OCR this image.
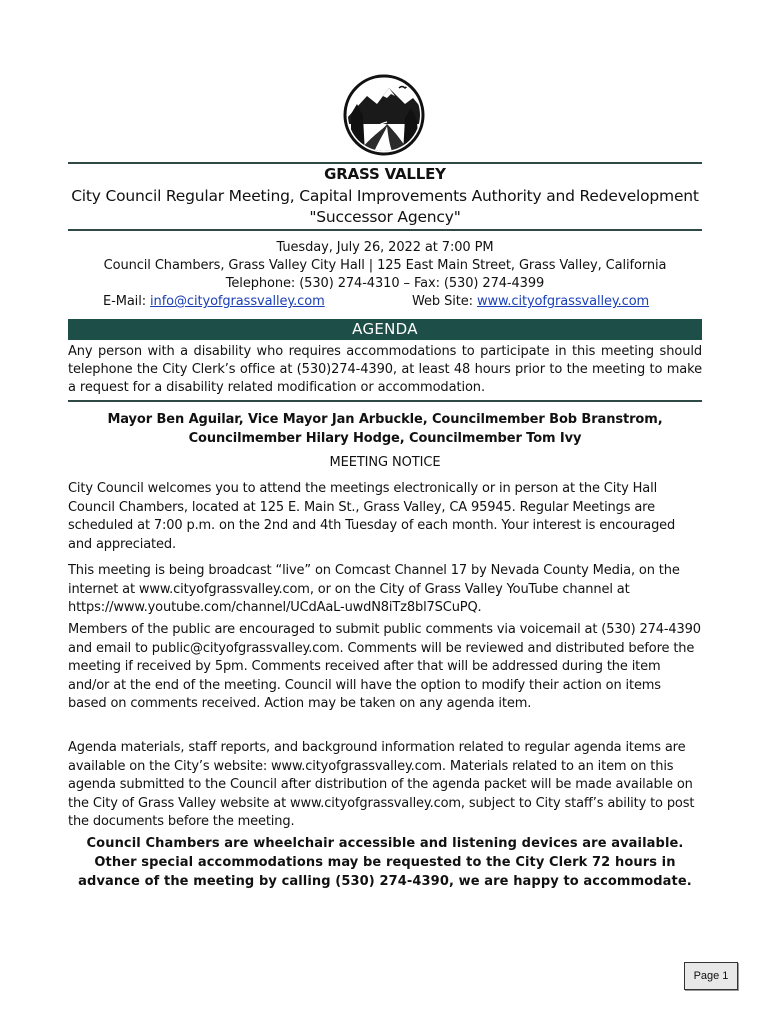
GRASS VALLEY
City Council Regular Meeting, Capital Improvements Authority and Redevelopment "Successor Agency"
Tuesday, July 26, 2022 at 7:00 PM
Council Chambers, Grass Valley City Hall | 125 East Main Street, Grass Valley, California
Telephone: (530) 274-4310 – Fax: (530) 274-4399
E-Mail: info@cityofgrassvalley.com	Web Site: www.cityofgrassvalley.com
AGENDA
Any person with a disability who requires accommodations to participate in this meeting should telephone the City Clerk’s office at (530)274-4390, at least 48 hours prior to the meeting to make a request for a disability related modification or accommodation.
Mayor Ben Aguilar, Vice Mayor Jan Arbuckle, Councilmember Bob Branstrom,
Councilmember Hilary Hodge, Councilmember Tom Ivy
MEETING NOTICE
City Council welcomes you to attend the meetings electronically or in person at the City Hall Council Chambers, located at 125 E. Main St., Grass Valley, CA 95945. Regular Meetings are scheduled at 7:00 p.m. on the 2nd and 4th Tuesday of each month. Your interest is encouraged and appreciated.
This meeting is being broadcast “live” on Comcast Channel 17 by Nevada County Media, on the internet at www.cityofgrassvalley.com, or on the City of Grass Valley YouTube channel at https://www.youtube.com/channel/UCdAaL-uwdN8iTz8bl7SCuPQ.
Members of the public are encouraged to submit public comments via voicemail at (530) 274-4390 and email to public@cityofgrassvalley.com. Comments will be reviewed and distributed before the meeting if received by 5pm. Comments received after that will be addressed during the item and/or at the end of the meeting. Council will have the option to modify their action on items based on comments received. Action may be taken on any agenda item.
Agenda materials, staff reports, and background information related to regular agenda items are available on the City’s website: www.cityofgrassvalley.com. Materials related to an item on this agenda submitted to the Council after distribution of the agenda packet will be made available on the City of Grass Valley website at www.cityofgrassvalley.com, subject to City staff’s ability to post the documents before the meeting.
Council Chambers are wheelchair accessible and listening devices are available. Other special accommodations may be requested to the City Clerk 72 hours in advance of the meeting by calling (530) 274-4390, we are happy to accommodate.
Page 1
